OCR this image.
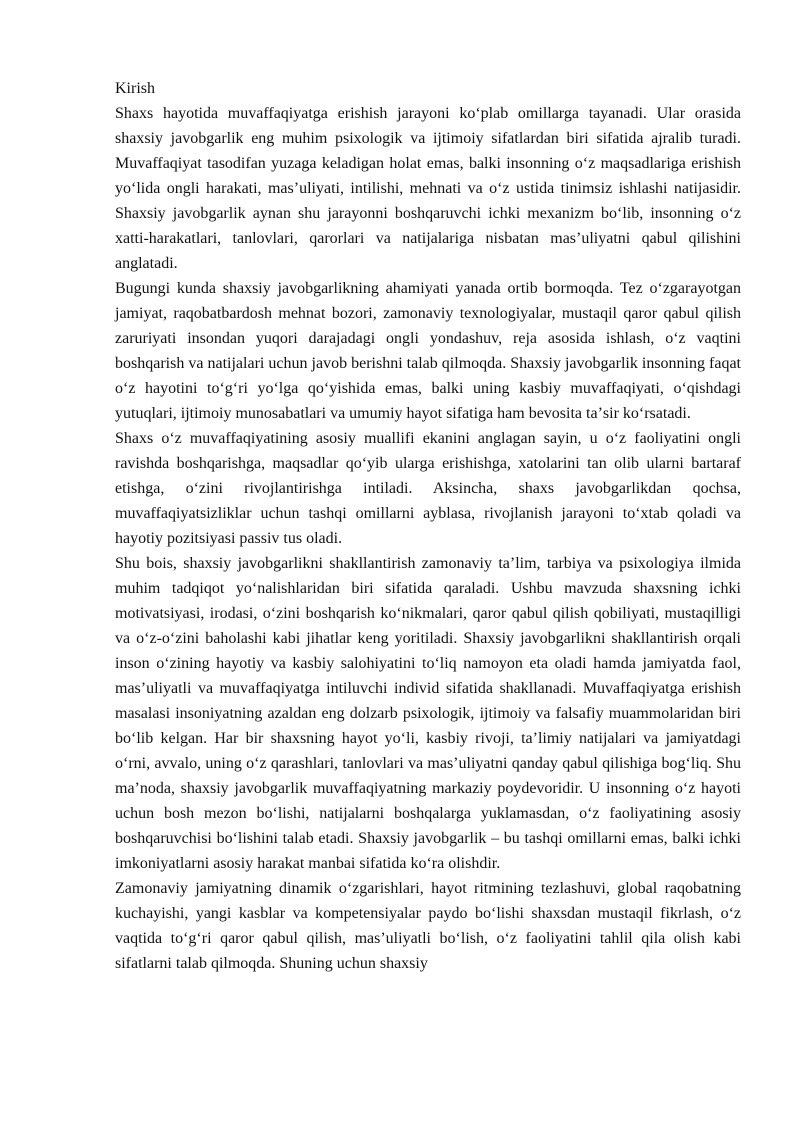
Kirish

Shaxs hayotida muvaffaqiyatga erishish jarayoni koʻplab omillarga tayanadi. Ular orasida shaxsiy javobgarlik eng muhim psixologik va ijtimoiy sifatlardan biri sifatida ajralib turadi. Muvaffaqiyat tasodifan yuzaga keladigan holat emas, balki insonning oʻz maqsadlariga erishish yoʻlida ongli harakati, masʼuliyati, intilishi, mehnati va oʻz ustida tinimsiz ishlashi natijasidir. Shaxsiy javobgarlik aynan shu jarayonni boshqaruvchi ichki mexanizm boʻlib, insonning oʻz xatti-harakatlari, tanlovlari, qarorlari va natijalariga nisbatan masʼuliyatni qabul qilishini anglatadi.

Bugungi kunda shaxsiy javobgarlikning ahamiyati yanada ortib bormoqda. Tez oʻzgarayotgan jamiyat, raqobatbardosh mehnat bozori, zamonaviy texnologiyalar, mustaqil qaror qabul qilish zaruriyati insondan yuqori darajadagi ongli yondashuv, reja asosida ishlash, oʻz vaqtini boshqarish va natijalari uchun javob berishni talab qilmoqda. Shaxsiy javobgarlik insonning faqat oʻz hayotini toʻgʻri yoʻlga qoʻyishida emas, balki uning kasbiy muvaffaqiyati, oʻqishdagi yutuqlari, ijtimoiy munosabatlari va umumiy hayot sifatiga ham bevosita taʼsir koʻrsatadi.

Shaxs oʻz muvaffaqiyatining asosiy muallifi ekanini anglagan sayin, u oʻz faoliyatini ongli ravishda boshqarishga, maqsadlar qoʻyib ularga erishishga, xatolarini tan olib ularni bartaraf etishga, oʻzini rivojlantirishga intiladi. Aksincha, shaxs javobgarlikdan qochsa, muvaffaqiyatsizliklar uchun tashqi omillarni ayblasa, rivojlanish jarayoni toʻxtab qoladi va hayotiy pozitsiyasi passiv tus oladi.

Shu bois, shaxsiy javobgarlikni shakllantirish zamonaviy taʼlim, tarbiya va psixologiya ilmida muhim tadqiqot yoʻnalishlaridan biri sifatida qaraladi. Ushbu mavzuda shaxsning ichki motivatsiyasi, irodasi, oʻzini boshqarish koʻnikmalari, qaror qabul qilish qobiliyati, mustaqilligi va oʻz-oʻzini baholashi kabi jihatlar keng yoritiladi. Shaxsiy javobgarlikni shakllantirish orqali inson oʻzining hayotiy va kasbiy salohiyatini toʻliq namoyon eta oladi hamda jamiyatda faol, masʼuliyatli va muvaffaqiyatga intiluvchi individ sifatida shakllanadi. Muvaffaqiyatga erishish masalasi insoniyatning azaldan eng dolzarb psixologik, ijtimoiy va falsafiy muammolaridan biri boʻlib kelgan. Har bir shaxsning hayot yoʻli, kasbiy rivoji, taʼlimiy natijalari va jamiyatdagi oʻrni, avvalo, uning oʻz qarashlari, tanlovlari va masʼuliyatni qanday qabul qilishiga bogʻliq. Shu maʼnoda, shaxsiy javobgarlik muvaffaqiyatning markaziy poydevoridir. U insonning oʻz hayoti uchun bosh mezon boʻlishi, natijalarni boshqalarga yuklamasdan, oʻz faoliyatining asosiy boshqaruvchisi boʻlishini talab etadi. Shaxsiy javobgarlik – bu tashqi omillarni emas, balki ichki imkoniyatlarni asosiy harakat manbai sifatida koʻra olishdir.

Zamonaviy jamiyatning dinamik oʻzgarishlari, hayot ritmining tezlashuvi, global raqobatning kuchayishi, yangi kasblar va kompetensiyalar paydo boʻlishi shaxsdan mustaqil fikrlash, oʻz vaqtida toʻgʻri qaror qabul qilish, masʼuliyatli boʻlish, oʻz faoliyatini tahlil qila olish kabi sifatlarni talab qilmoqda. Shuning uchun shaxsiy
